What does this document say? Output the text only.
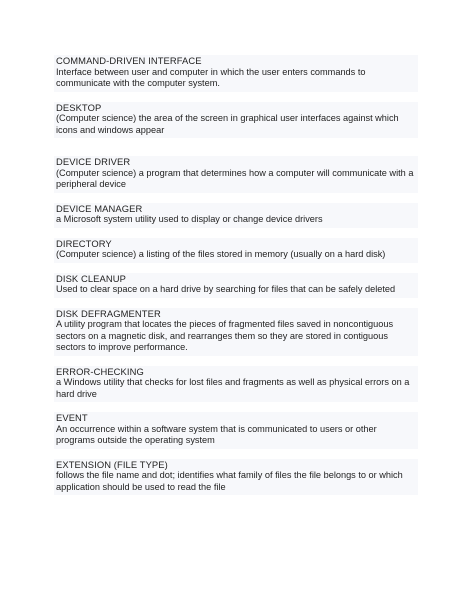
COMMAND-DRIVEN INTERFACE
Interface between user and computer in which the user enters commands to communicate with the computer system.
DESKTOP
(Computer science) the area of the screen in graphical user interfaces against which icons and windows appear
DEVICE DRIVER
(Computer science) a program that determines how a computer will communicate with a peripheral device
DEVICE MANAGER
a Microsoft system utility used to display or change device drivers
DIRECTORY
(Computer science) a listing of the files stored in memory (usually on a hard disk)
DISK CLEANUP
Used to clear space on a hard drive by searching for files that can be safely deleted
DISK DEFRAGMENTER
A utility program that locates the pieces of fragmented files saved in noncontiguous sectors on a magnetic disk, and rearranges them so they are stored in contiguous sectors to improve performance.
ERROR-CHECKING
a Windows utility that checks for lost files and fragments as well as physical errors on a hard drive
EVENT
An occurrence within a software system that is communicated to users or other programs outside the operating system
EXTENSION (FILE TYPE)
follows the file name and dot; identifies what family of files the file belongs to or which application should be used to read the file
